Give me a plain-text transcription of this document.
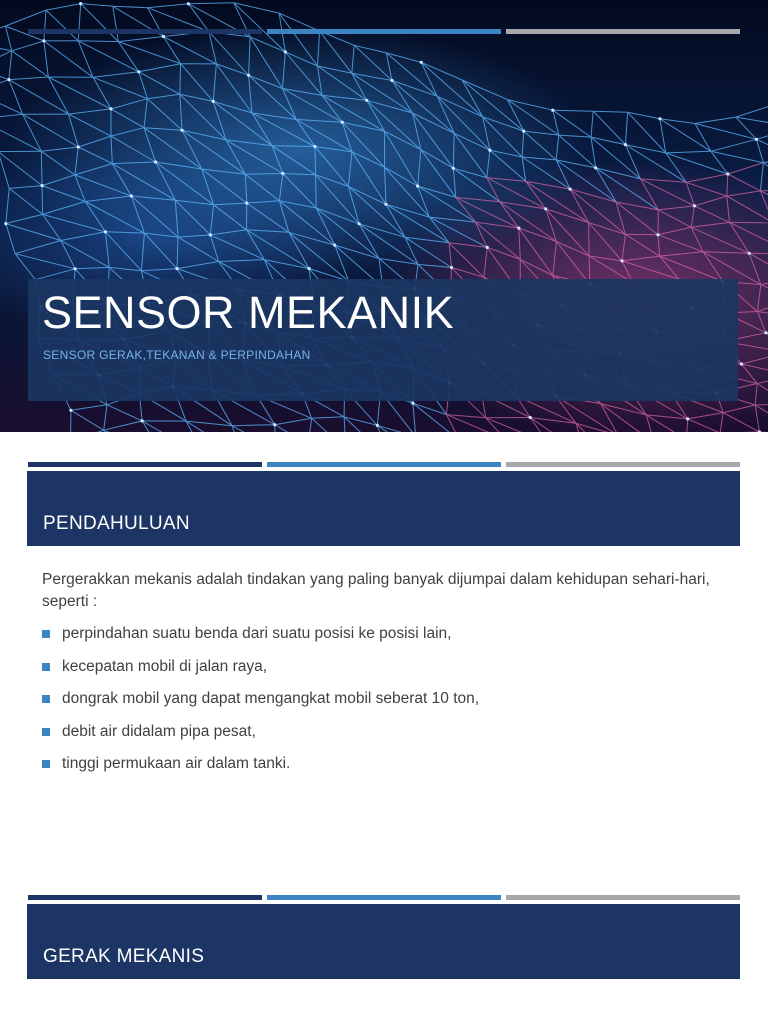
SENSOR MEKANIK
SENSOR GERAK,TEKANAN & PERPINDAHAN
PENDAHULUAN
Pergerakkan mekanis adalah tindakan yang paling banyak dijumpai dalam kehidupan sehari-hari, seperti :
perpindahan suatu benda dari suatu posisi ke posisi lain,
kecepatan mobil di jalan raya,
dongrak mobil yang dapat mengangkat mobil seberat 10 ton,
debit air didalam pipa pesat,
tinggi permukaan air dalam tanki.
GERAK MEKANIS
